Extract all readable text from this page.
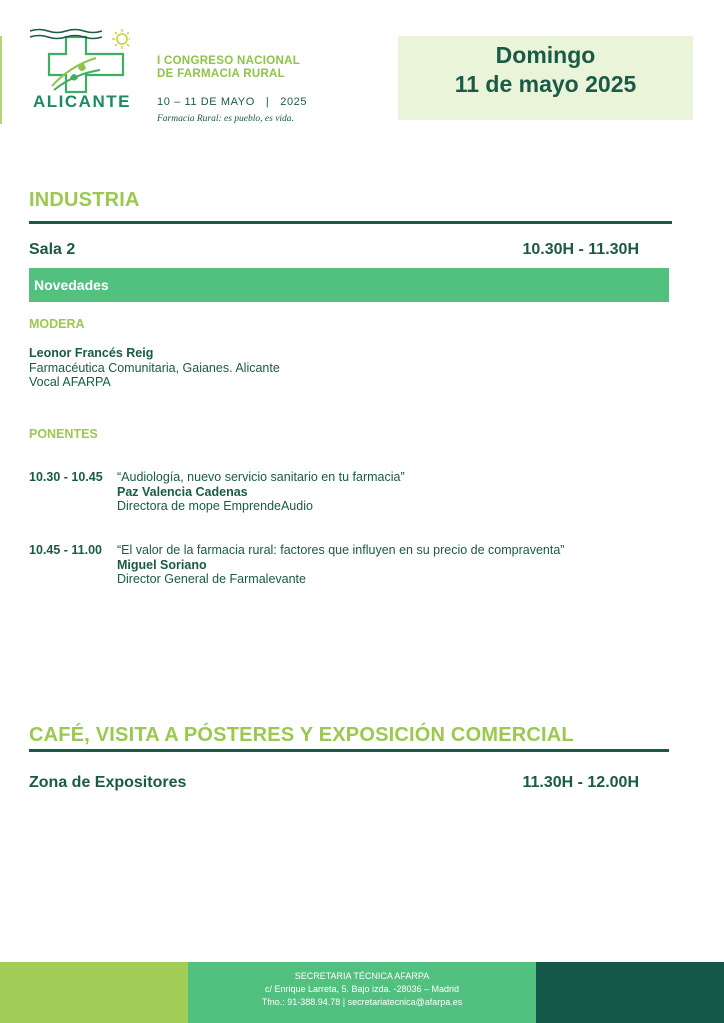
ALICANTE
I CONGRESO NACIONAL
DE FARMACIA RURAL
10 – 11 DE MAYO   |   2025
Farmacia Rural: es pueblo, es vida.
Domingo
11 de mayo 2025
INDUSTRIA
Sala 2	10.30H - 11.30H
Novedades
MODERA
Leonor Francés Reig
Farmacéutica Comunitaria, Gaianes. Alicante
Vocal AFARPA
PONENTES
10.30 - 10.45 “Audiología, nuevo servicio sanitario en tu farmacia”
Paz Valencia Cadenas
Directora de mope EmprendeAudio
10.45 - 11.00 “El valor de la farmacia rural: factores que influyen en su precio de compraventa”
Miguel Soriano
Director General de Farmalevante
CAFÉ, VISITA A PÓSTERES Y EXPOSICIÓN COMERCIAL
Zona de Expositores	11.30H - 12.00H
SECRETARIA TÉCNICA AFARPA
c/ Enrique Larreta, 5. Bajo izda. -28036 – Madrid
Tfno.: 91-388.94.78 | secretariatecnica@afarpa.es
